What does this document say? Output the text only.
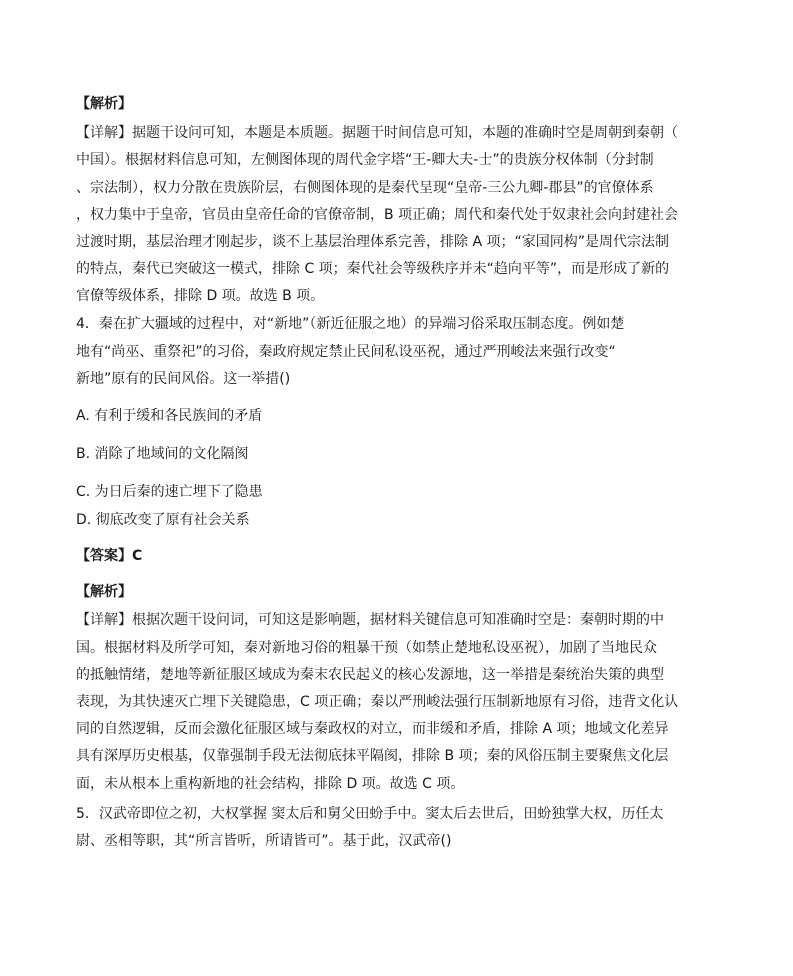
【解析】
【详解】据题干设问可知，本题是本质题。据题干时间信息可知，本题的准确时空是周朝到秦朝（
中国）。根据材料信息可知，左侧图体现的周代金字塔“王-卿大夫-士”的贵族分权体制（分封制
、宗法制），权力分散在贵族阶层，右侧图体现的是秦代呈现“皇帝-三公九卿-郡县”的官僚体系
，权力集中于皇帝，官员由皇帝任命的官僚帝制，B 项正确；周代和秦代处于奴隶社会向封建社会
过渡时期，基层治理才刚起步，谈不上基层治理体系完善，排除 A 项；“家国同构”是周代宗法制
的特点，秦代已突破这一模式，排除 C 项；秦代社会等级秩序并未“趋向平等”，而是形成了新的
官僚等级体系，排除 D 项。故选 B 项。
4．秦在扩大疆域的过程中，对“新地”（新近征服之地）的异端习俗采取压制态度。例如楚
地有“尚巫、重祭祀”的习俗，秦政府规定禁止民间私设巫祝，通过严刑峻法来强行改变“
新地”原有的民间风俗。这一举措()
A. 有利于缓和各民族间的矛盾
B. 消除了地域间的文化隔阂
C. 为日后秦的速亡埋下了隐患
D. 彻底改变了原有社会关系
【答案】C
【解析】
【详解】根据次题干设问词，可知这是影响题，据材料关键信息可知准确时空是：秦朝时期的中
国。根据材料及所学可知，秦对新地习俗的粗暴干预（如禁止楚地私设巫祝），加剧了当地民众
的抵触情绪，楚地等新征服区域成为秦末农民起义的核心发源地，这一举措是秦统治失策的典型
表现，为其快速灭亡埋下关键隐患，C 项正确；秦以严刑峻法强行压制新地原有习俗，违背文化认
同的自然逻辑，反而会激化征服区域与秦政权的对立，而非缓和矛盾，排除 A 项；地域文化差异
具有深厚历史根基，仅靠强制手段无法彻底抹平隔阂，排除 B 项；秦的风俗压制主要聚焦文化层
面，未从根本上重构新地的社会结构，排除 D 项。故选 C 项。
5．汉武帝即位之初，大权掌握 窦太后和舅父田蚡手中。窦太后去世后，田蚡独掌大权，历任太
尉、丞相等职，其“所言皆听，所请皆可”。基于此，汉武帝()
